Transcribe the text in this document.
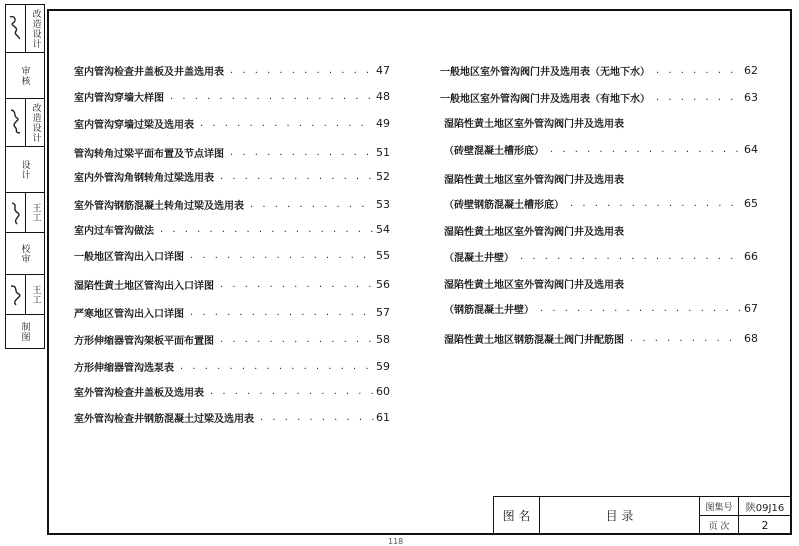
改造设计
审核
改造设计
设计
王工
校审
王工
制图
室内管沟检查井盖板及井盖选用表 . . .	47
室内管沟穿墙大样图 . . .	48
室内管沟穿墙过梁及选用表 . . .	49
管沟转角过梁平面布置及节点详图 . . .	51
室内外管沟角钢转角过梁选用表 . . .	52
室外管沟钢筋混凝土转角过梁及选用表 . . .	53
室内过车管沟做法 . . .	54
一般地区管沟出入口详图 . . .	55
湿陷性黄土地区管沟出入口详图 . . .	56
严寒地区管沟出入口详图 . . .	57
方形伸缩器管沟架板平面布置图 . . .	58
方形伸缩器管沟选泵表 . . .	59
室外管沟检查井盖板及选用表 . . .	60
室外管沟检查井钢筋混凝土过梁及选用表 . . .	61
一般地区室外管沟阀门井及选用表（无地下水） . . .	62
一般地区室外管沟阀门井及选用表（有地下水） . . .	63
湿陷性黄土地区室外管沟阀门井及选用表
（砖壁混凝土槽形底） . . .	64
湿陷性黄土地区室外管沟阀门井及选用表
（砖壁钢筋混凝土槽形底） . . .	65
湿陷性黄土地区室外管沟阀门井及选用表
（混凝土井壁） . . .	66
湿陷性黄土地区室外管沟阀门井及选用表
（钢筋混凝土井壁） . . .	67
湿陷性黄土地区钢筋混凝土阀门井配筋图 . . .	68
图 名	目 录
图集号	陕09J16
页 次	2
118
